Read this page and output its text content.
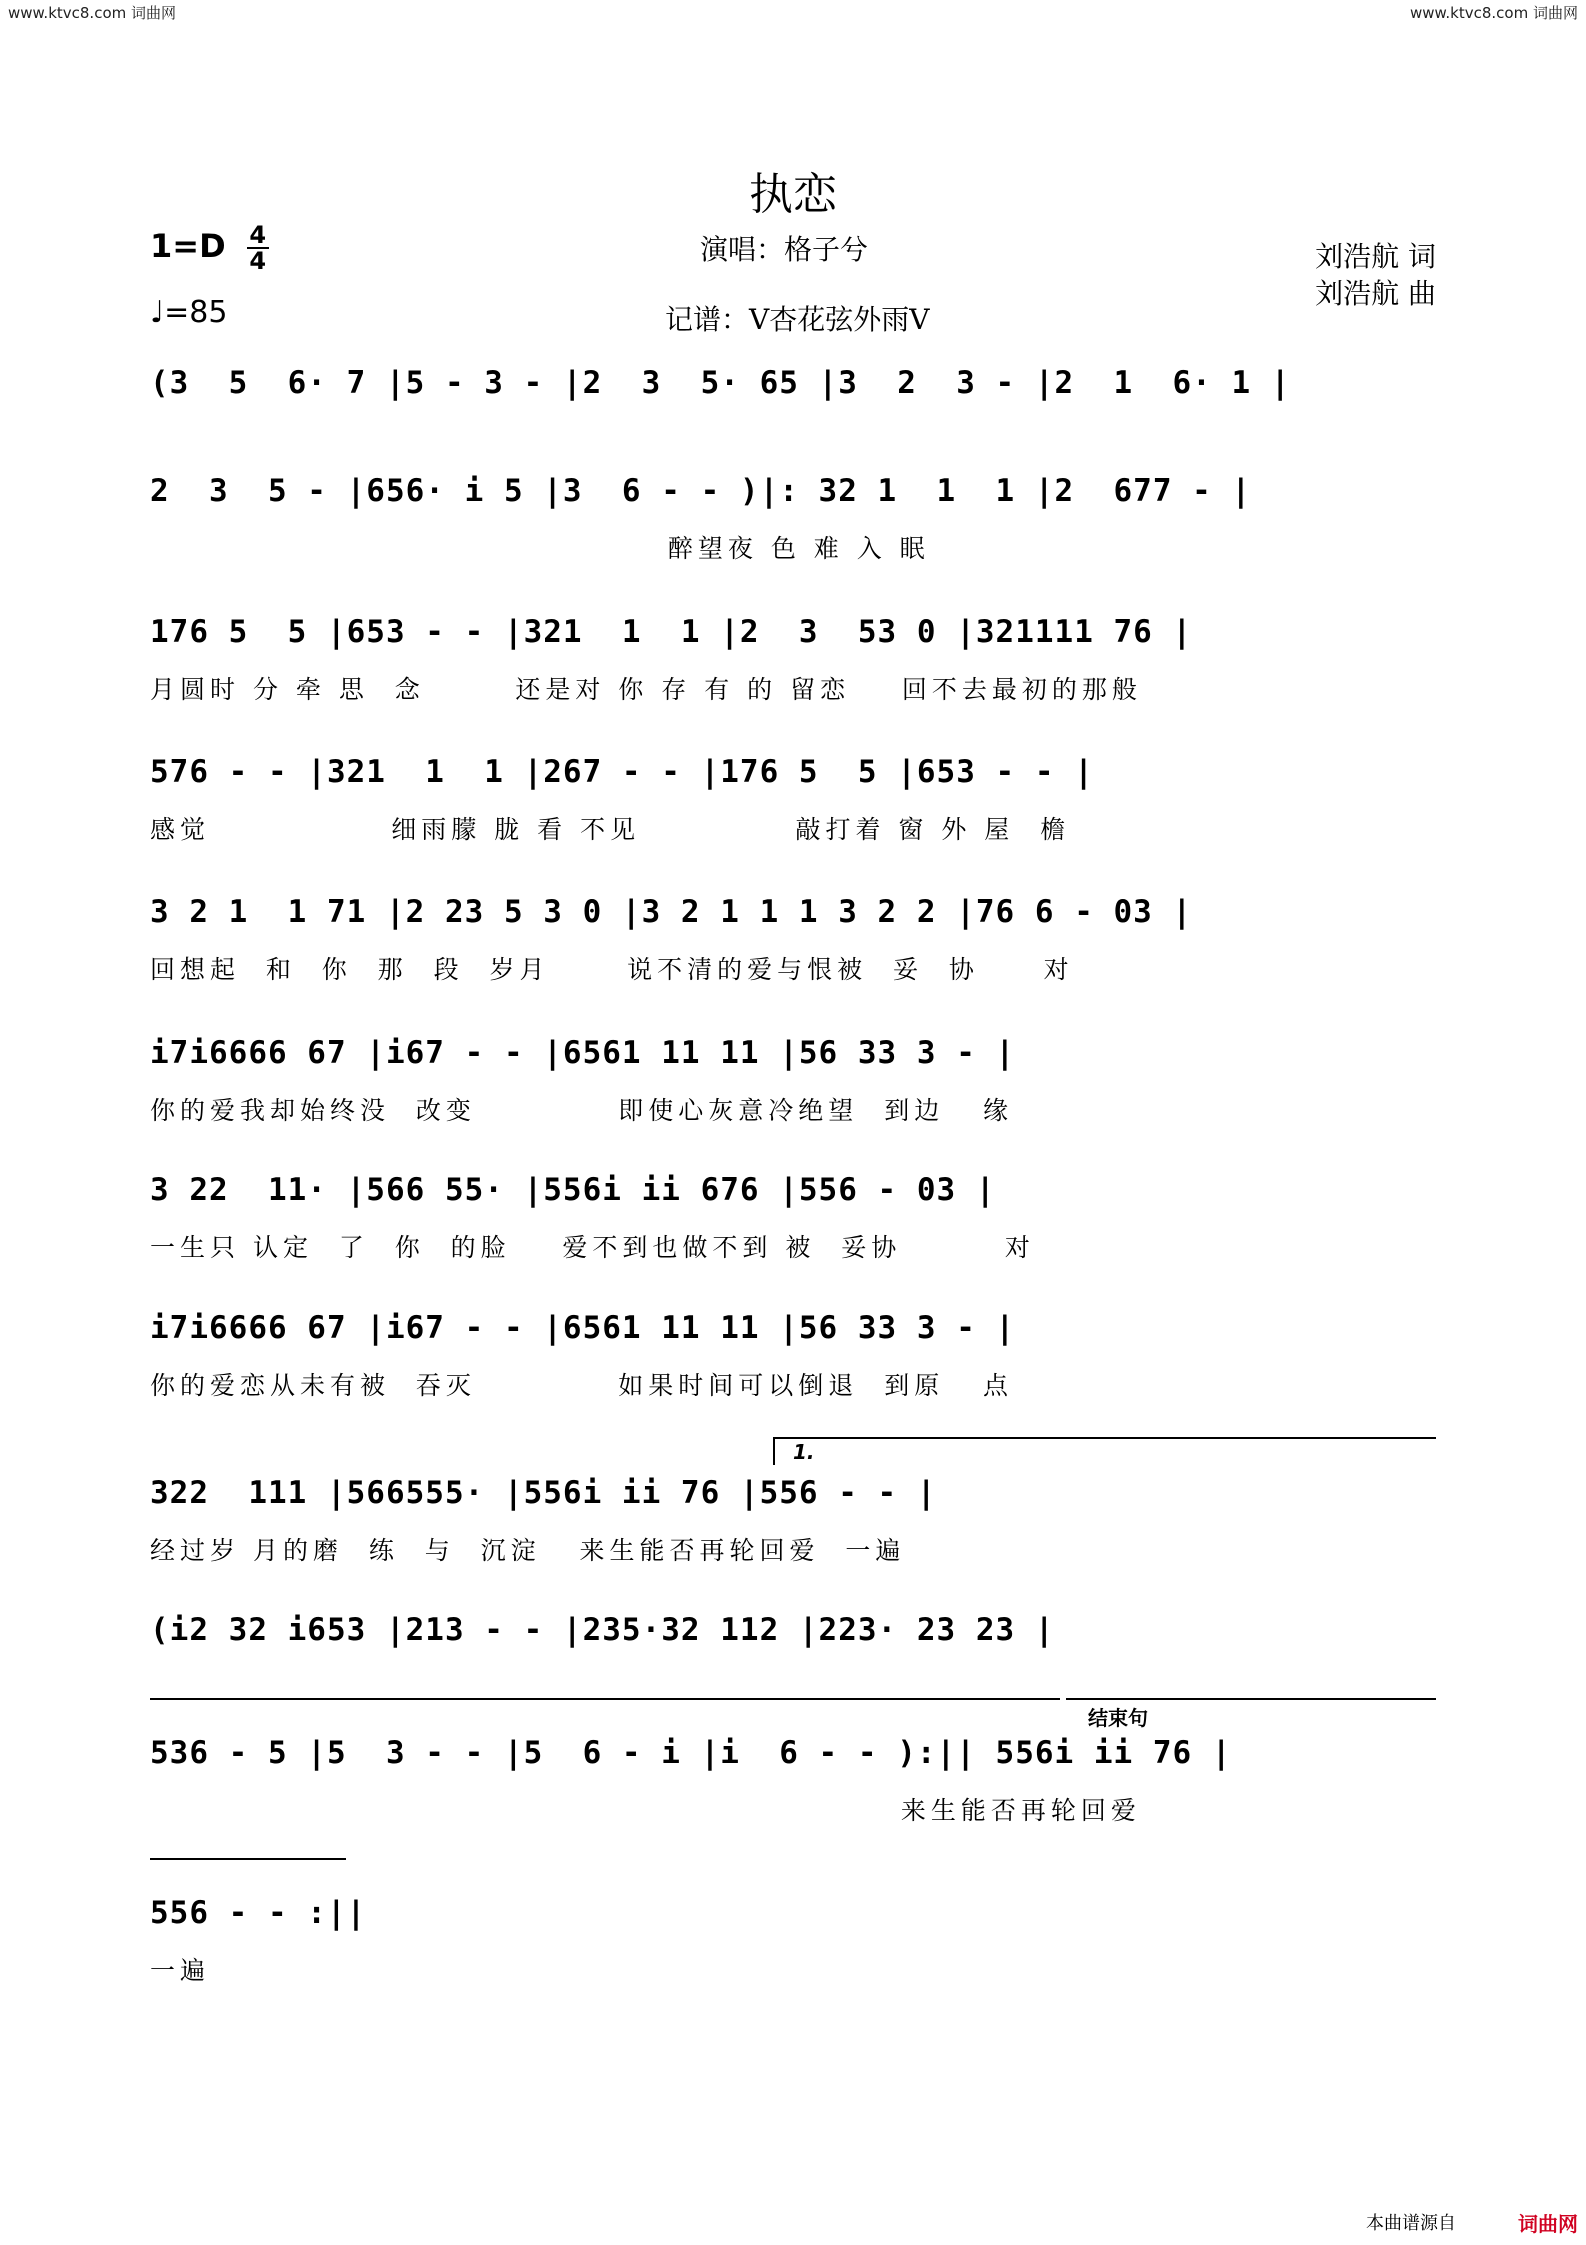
www.ktvc8.com 词曲网	www.ktvc8.com 词曲网
执恋
$1=D \frac{4}{4}$
♩=85
演唱：格子兮
记谱：V杏花弦外雨V
刘浩航 词
刘浩航 曲
(3  5  6· 7 |5 - 3 - |2  3  5· 65 |3  2  3 - |2  1  6· 1 |
2  3  5 - |656· i 5 |3  6 - - )|: 32 1  1  1 |2  677 - |
醉望夜 色 难 入 眠
176 5  5 |653 - - |321  1  1 |2  3  53 0 |321111 76 |
月圆时 分 牵 思  念       还是对 你 存 有 的 留恋    回不去最初的那般
576 - - |321  1  1 |267 - - |176 5  5 |653 - - |
感觉              细雨朦 胧 看 不见            敲打着 窗 外 屋  檐
3 2 1  1 71 |2 23 5 3 0 |3 2 1 1 1 3 2 2 |76 6 - 03 |
回想起  和  你  那  段  岁月      说不清的爱与恨被  妥  协     对
i7i6666 67 |i67 - - |6561 11 11 |56 33 3 - |
你的爱我却始终没  改变           即使心灰意冷绝望  到边   缘
3 22  11· |566 55· |556i ii 676 |556 - 03 |
一生只 认定  了  你  的脸    爱不到也做不到 被  妥协        对
i7i6666 67 |i67 - - |6561 11 11 |56 33 3 - |
你的爱恋从未有被  吞灭           如果时间可以倒退  到原   点
1.
322  111 |566555· |556i ii 76 |556 - - |
经过岁 月的磨  练  与  沉淀   来生能否再轮回爱  一遍
(i2 32 i653 |213 - - |235·32 112 |223· 23 23 |
结束句
536 - 5 |5  3 - - |5  6 - i |i  6 - - ):|| 556i ii 76 |
来生能否再轮回爱
556 - - :||
一遍
本曲谱源自	词曲网
